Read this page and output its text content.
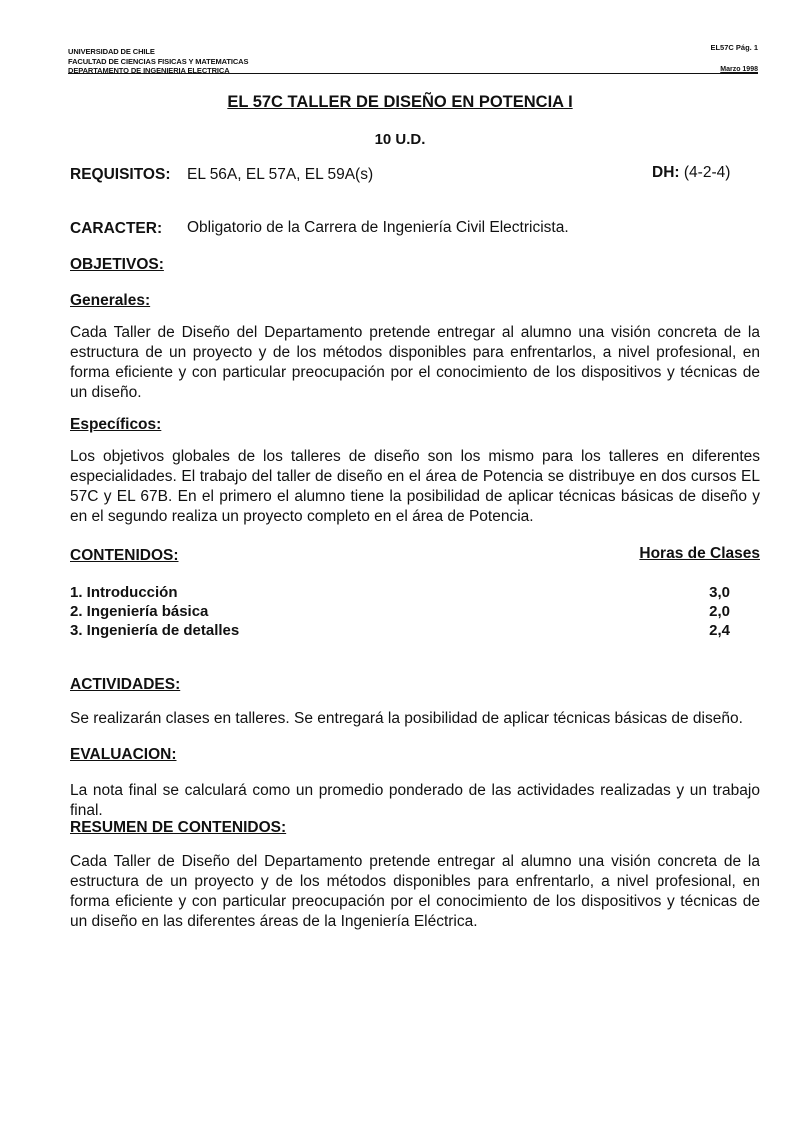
UNIVERSIDAD DE CHILE
FACULTAD DE CIENCIAS FISICAS Y MATEMATICAS
DEPARTAMENTO DE INGENIERIA ELECTRICA
EL57C Pág. 1
Marzo 1998
EL 57C TALLER DE DISEÑO EN POTENCIA I
10 U.D.
REQUISITOS: EL 56A, EL 57A, EL 59A(s)	DH: (4-2-4)
CARACTER: Obligatorio de la Carrera de Ingeniería Civil Electricista.
OBJETIVOS:
Generales:
Cada Taller de Diseño del Departamento pretende entregar al alumno una visión concreta de la estructura de un proyecto y de los métodos disponibles para enfrentarlos, a nivel profesional, en forma eficiente y con particular preocupación por el conocimiento de los dispositivos y técnicas de un diseño.
Específicos:
Los objetivos globales de los talleres de diseño son los mismo para los talleres en diferentes especialidades. El trabajo del taller de diseño en el área de Potencia se distribuye en dos cursos EL 57C y EL 67B. En el primero el alumno tiene la posibilidad de aplicar técnicas básicas de diseño y en el segundo realiza un proyecto completo en el área de Potencia.
CONTENIDOS:	Horas de Clases
1. Introducción	3,0
2. Ingeniería básica	2,0
3. Ingeniería de detalles	2,4
ACTIVIDADES:
Se realizarán clases en talleres. Se entregará la posibilidad de aplicar técnicas básicas de diseño.
EVALUACION:
La nota final se calculará como un promedio ponderado de las actividades realizadas y un trabajo final.
RESUMEN DE CONTENIDOS:
Cada Taller de Diseño del Departamento pretende entregar al alumno una visión concreta de la estructura de un proyecto y de los métodos disponibles para enfrentarlo, a nivel profesional, en forma eficiente y con particular preocupación por el conocimiento de los dispositivos y técnicas de un diseño en las diferentes áreas de la Ingeniería Eléctrica.
